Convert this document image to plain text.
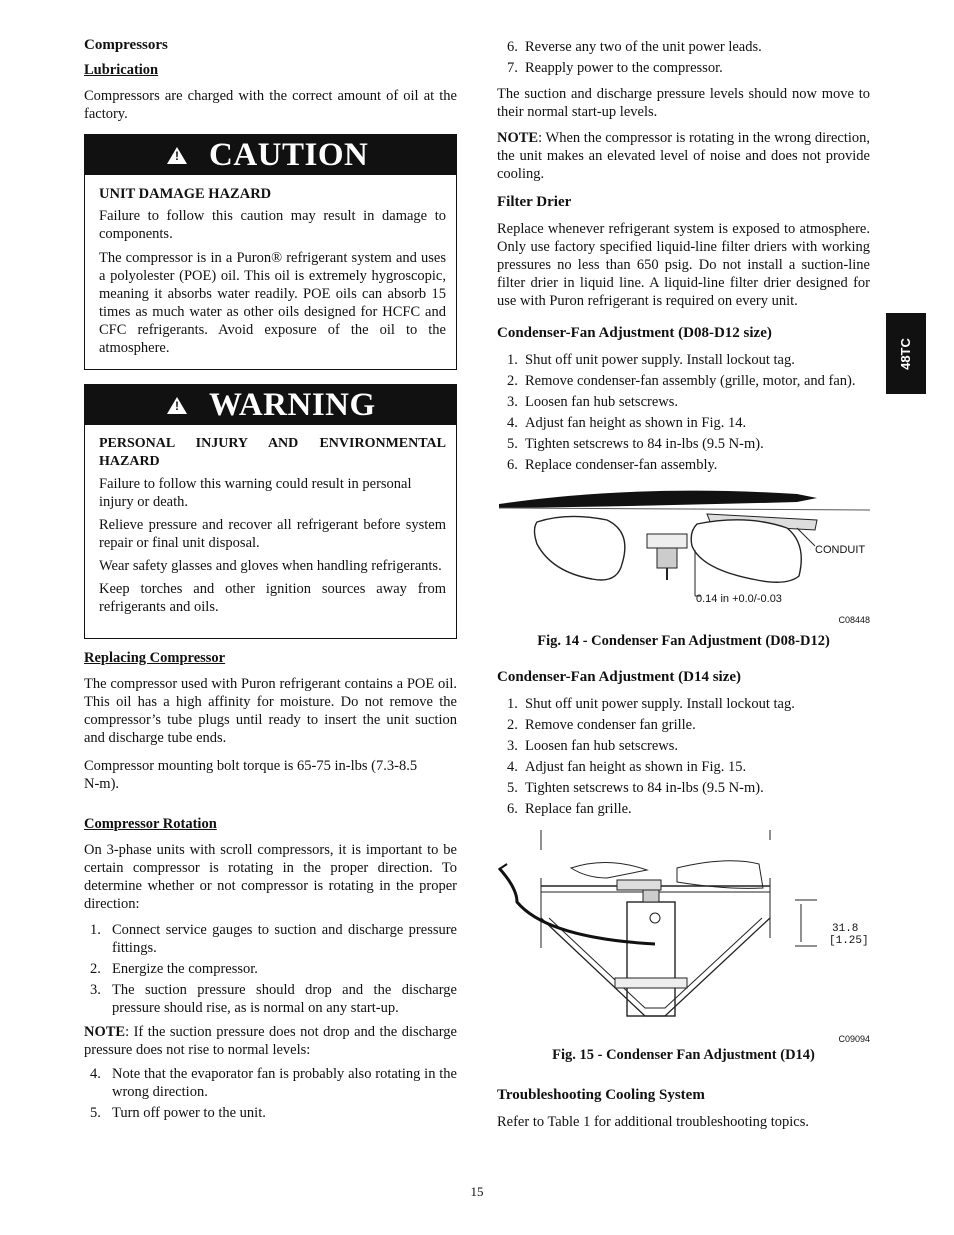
48TC
Compressors
Lubrication

Compressors are charged with the correct amount of oil at the factory.

! CAUTION
UNIT DAMAGE HAZARD

Failure to follow this caution may result in damage to components.

The compressor is in a Puron® refrigerant system and uses a polyolester (POE) oil. This oil is extremely hygroscopic, meaning it absorbs water readily. POE oils can absorb 15 times as much water as other oils designed for HCFC and CFC refrigerants. Avoid exposure of the oil to the atmosphere.

! WARNING
PERSONAL INJURY AND ENVIRONMENTAL HAZARD

Failure to follow this warning could result in personal injury or death.

Relieve pressure and recover all refrigerant before system repair or final unit disposal.

Wear safety glasses and gloves when handling refrigerants.

Keep torches and other ignition sources away from refrigerants and oils.

Replacing Compressor

The compressor used with Puron refrigerant contains a POE oil. This oil has a high affinity for moisture. Do not remove the compressor’s tube plugs until ready to insert the unit suction and discharge tube ends.

Compressor mounting bolt torque is 65-75 in-lbs (7.3-8.5 N-m).

Compressor Rotation

On 3-phase units with scroll compressors, it is important to be certain compressor is rotating in the proper direction. To determine whether or not compressor is rotating in the proper direction:

1. Connect service gauges to suction and discharge pressure fittings.
2. Energize the compressor.
3. The suction pressure should drop and the discharge pressure should rise, as is normal on any start-up.

NOTE: If the suction pressure does not drop and the discharge pressure does not rise to normal levels:

4. Note that the evaporator fan is probably also rotating in the wrong direction.
5. Turn off power to the unit.
6. Reverse any two of the unit power leads.
7. Reapply power to the compressor.

The suction and discharge pressure levels should now move to their normal start-up levels.

NOTE: When the compressor is rotating in the wrong direction, the unit makes an elevated level of noise and does not provide cooling.

Filter Drier

Replace whenever refrigerant system is exposed to atmosphere. Only use factory specified liquid-line filter driers with working pressures no less than 650 psig. Do not install a suction-line filter drier in liquid line. A liquid-line filter drier designed for use with Puron refrigerant is required on every unit.

Condenser-Fan Adjustment (D08-D12 size)
1. Shut off unit power supply. Install lockout tag.
2. Remove condenser-fan assembly (grille, motor, and fan).
3. Loosen fan hub setscrews.
4. Adjust fan height as shown in Fig. 14.
5. Tighten setscrews to 84 in-lbs (9.5 N-m).
6. Replace condenser-fan assembly.
CONDUIT
0.14 in +0.0/-0.03
C08448
Fig. 14 - Condenser Fan Adjustment (D08-D12)
Condenser-Fan Adjustment (D14 size)
1. Shut off unit power supply. Install lockout tag.
2. Remove condenser fan grille.
3. Loosen fan hub setscrews.
4. Adjust fan height as shown in Fig. 15.
5. Tighten setscrews to 84 in-lbs (9.5 N-m).
6. Replace fan grille.
31.8
[1.25]
C09094
Fig. 15 - Condenser Fan Adjustment (D14)
Troubleshooting Cooling System

Refer to Table 1 for additional troubleshooting topics.

15
